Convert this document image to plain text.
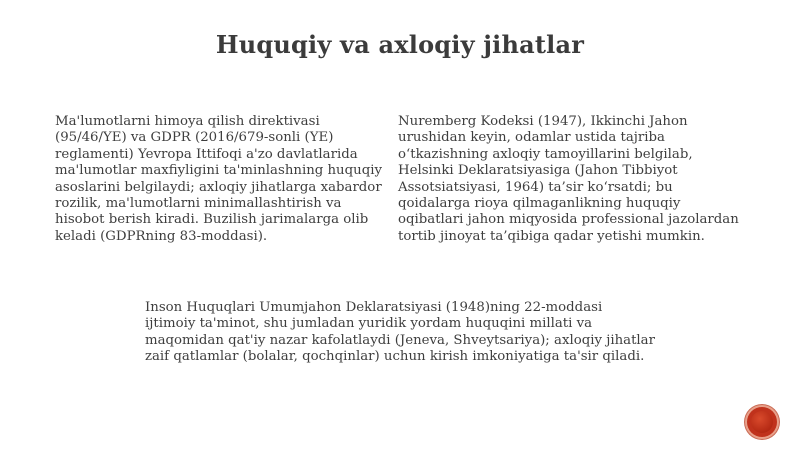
Huquqiy va axloqiy jihatlar

Ma'lumotlarni himoya qilish direktivasi (95/46/YE) va GDPR (2016/679-sonli (YE) reglamenti) Yevropa Ittifoqi a'zo davlatlarida ma'lumotlar maxfiyligini ta'minlashning huquqiy asoslarini belgilaydi; axloqiy jihatlarga xabardor rozilik, ma'lumotlarni minimallashtirish va hisobot berish kiradi. Buzilish jarimalarga olib keladi (GDPRning 83-moddasi).

Nuremberg Kodeksi (1947), Ikkinchi Jahon urushidan keyin, odamlar ustida tajriba o‘tkazishning axloqiy tamoyillarini belgilab, Helsinki Deklaratsiyasiga (Jahon Tibbiyot Assotsiatsiyasi, 1964) ta’sir ko‘rsatdi; bu qoidalarga rioya qilmaganlikning huquqiy oqibatlari jahon miqyosida professional jazolardan tortib jinoyat ta’qibiga qadar yetishi mumkin.

Inson Huquqlari Umumjahon Deklaratsiyasi (1948)ning 22-moddasi ijtimoiy ta'minot, shu jumladan yuridik yordam huquqini millati va maqomidan qat'iy nazar kafolatlaydi (Jeneva, Shveytsariya); axloqiy jihatlar zaif qatlamlar (bolalar, qochqinlar) uchun kirish imkoniyatiga ta'sir qiladi.
